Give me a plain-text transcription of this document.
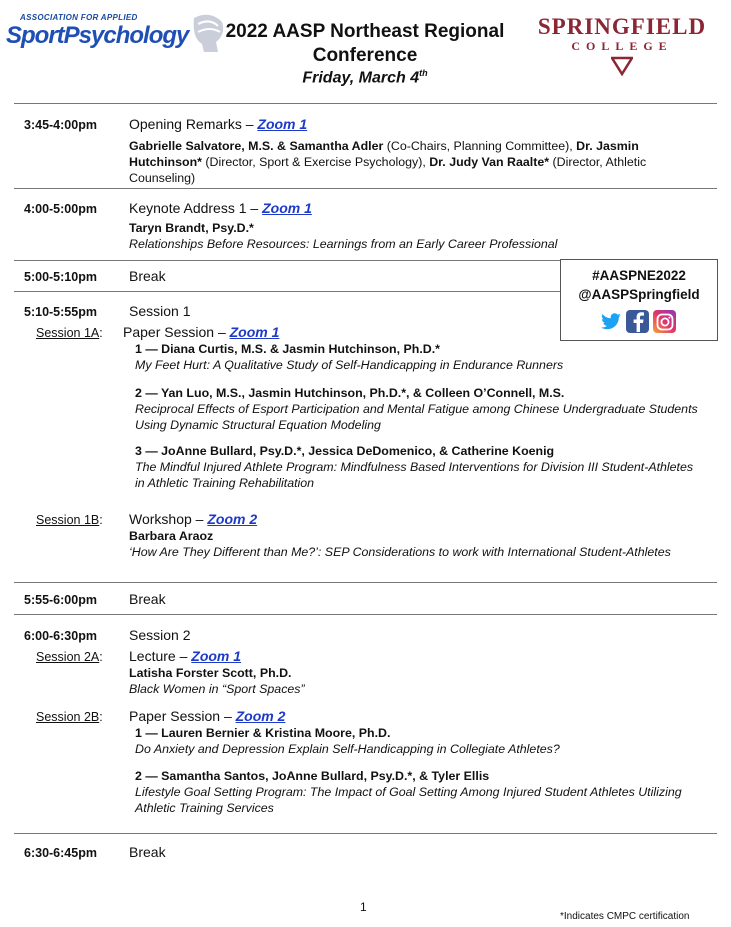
ASSOCIATION FOR APPLIED
SportPsychology	2022 AASP Northeast Regional Conference
Friday, March 4th
SPRINGFIELD
COLLEGE
3:45-4:00pm Opening Remarks – Zoom 1
Gabrielle Salvatore, M.S. & Samantha Adler (Co-Chairs, Planning Committee), Dr. Jasmin Hutchinson* (Director, Sport & Exercise Psychology), Dr. Judy Van Raalte* (Director, Athletic Counseling)
4:00-5:00pm Keynote Address 1 – Zoom 1
Taryn Brandt, Psy.D.*
Relationships Before Resources: Learnings from an Early Career Professional
5:00-5:10pm Break	#AASPNE2022
@AASPSpringfield
5:10-5:55pm Session 1
Session 1A: Paper Session – Zoom 1
1 — Diana Curtis, M.S. & Jasmin Hutchinson, Ph.D.*
My Feet Hurt: A Qualitative Study of Self-Handicapping in Endurance Runners
2 — Yan Luo, M.S., Jasmin Hutchinson, Ph.D.*, & Colleen O’Connell, M.S.
Reciprocal Effects of Esport Participation and Mental Fatigue among Chinese Undergraduate Students Using Dynamic Structural Equation Modeling
3 — JoAnne Bullard, Psy.D.*, Jessica DeDomenico, & Catherine Koenig
The Mindful Injured Athlete Program: Mindfulness Based Interventions for Division III Student-Athletes in Athletic Training Rehabilitation
Session 1B: Workshop – Zoom 2
Barbara Araoz
‘How Are They Different than Me?’: SEP Considerations to work with International Student-Athletes
5:55-6:00pm Break
6:00-6:30pm Session 2
Session 2A: Lecture – Zoom 1
Latisha Forster Scott, Ph.D.
Black Women in “Sport Spaces”
Session 2B: Paper Session – Zoom 2
1 — Lauren Bernier & Kristina Moore, Ph.D.
Do Anxiety and Depression Explain Self-Handicapping in Collegiate Athletes?
2 — Samantha Santos, JoAnne Bullard, Psy.D.*, & Tyler Ellis
Lifestyle Goal Setting Program: The Impact of Goal Setting Among Injured Student Athletes Utilizing Athletic Training Services
6:30-6:45pm Break
1
*Indicates CMPC certification
